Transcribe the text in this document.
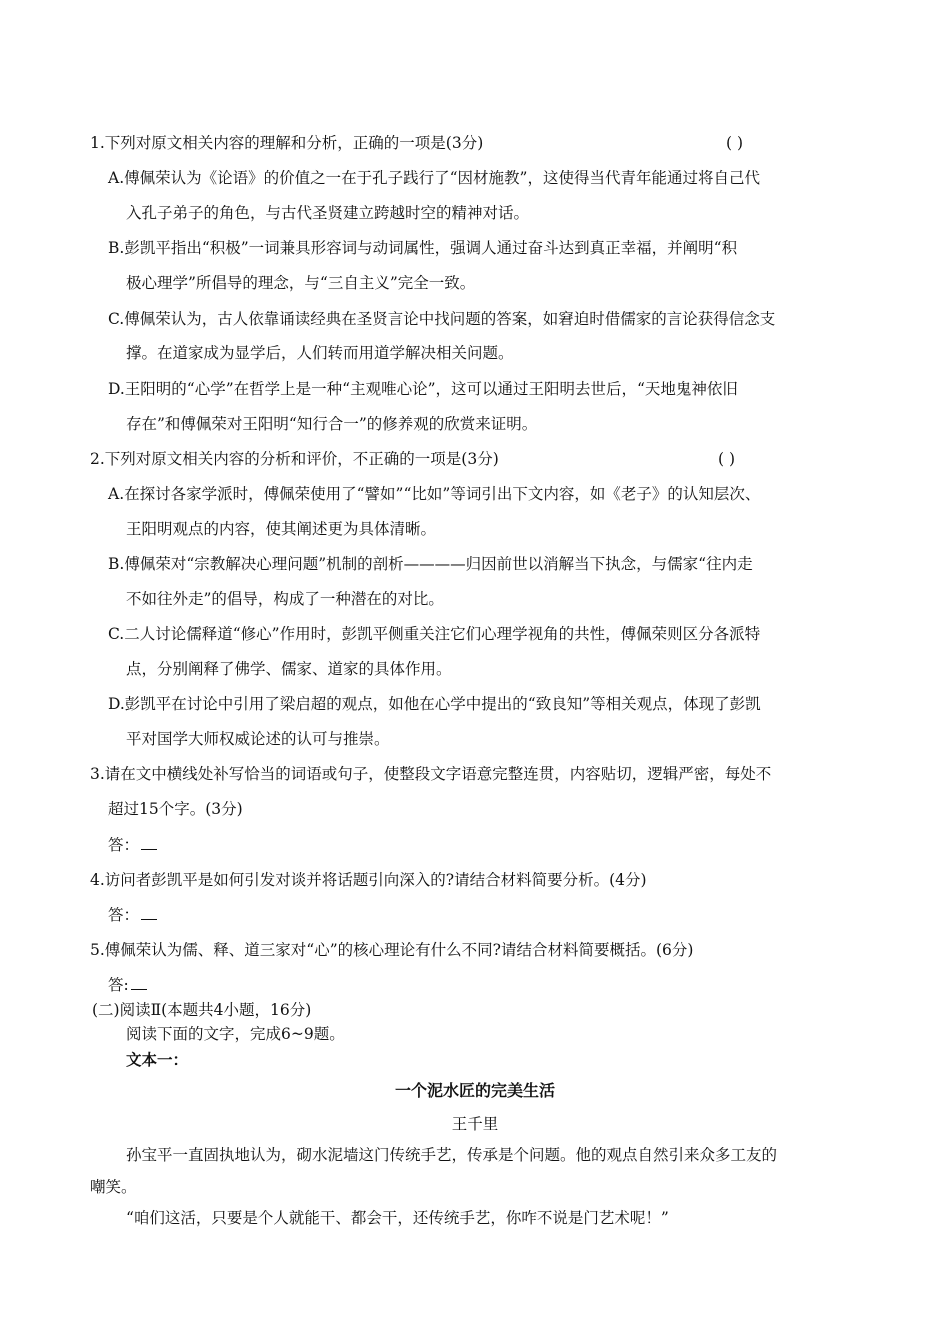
1.下列对原文相关内容的理解和分析，正确的一项是(3分)	( )
A.傅佩荣认为《论语》的价值之一在于孔子践行了“因材施教”，这使得当代青年能通过将自己代
入孔子弟子的角色，与古代圣贤建立跨越时空的精神对话。
B.彭凯平指出“积极”一词兼具形容词与动词属性，强调人通过奋斗达到真正幸福，并阐明“积
极心理学”所倡导的理念，与“三自主义”完全一致。
C.傅佩荣认为，古人依靠诵读经典在圣贤言论中找问题的答案，如窘迫时借儒家的言论获得信念支
撑。在道家成为显学后，人们转而用道学解决相关问题。
D.王阳明的“心学”在哲学上是一种“主观唯心论”，这可以通过王阳明去世后，“天地鬼神依旧
存在”和傅佩荣对王阳明“知行合一”的修养观的欣赏来证明。
2.下列对原文相关内容的分析和评价，不正确的一项是(3分)	( )
A.在探讨各家学派时，傅佩荣使用了“譬如”“比如”等词引出下文内容，如《老子》的认知层次、
王阳明观点的内容，使其阐述更为具体清晰。
B.傅佩荣对“宗教解决心理问题”机制的剖析————归因前世以消解当下执念，与儒家“往内走
不如往外走”的倡导，构成了一种潜在的对比。
C.二人讨论儒释道“修心”作用时，彭凯平侧重关注它们心理学视角的共性，傅佩荣则区分各派特
点，分别阐释了佛学、儒家、道家的具体作用。
D.彭凯平在讨论中引用了梁启超的观点，如他在心学中提出的“致良知”等相关观点，体现了彭凯
平对国学大师权威论述的认可与推崇。
3.请在文中横线处补写恰当的词语或句子，使整段文字语意完整连贯，内容贴切，逻辑严密，每处不
超过15个字。(3分)
答：
4.访问者彭凯平是如何引发对谈并将话题引向深入的?请结合材料简要分析。(4分)
答：
5.傅佩荣认为儒、释、道三家对“心”的核心理论有什么不同?请结合材料简要概括。(6分)
答:
(二)阅读Ⅱ(本题共4小题，16分)
阅读下面的文字，完成6~9题。
文本一：
一个泥水匠的完美生活
王千里
孙宝平一直固执地认为，砌水泥墙这门传统手艺，传承是个问题。他的观点自然引来众多工友的
嘲笑。
“咱们这活，只要是个人就能干、都会干，还传统手艺，你咋不说是门艺术呢！”
